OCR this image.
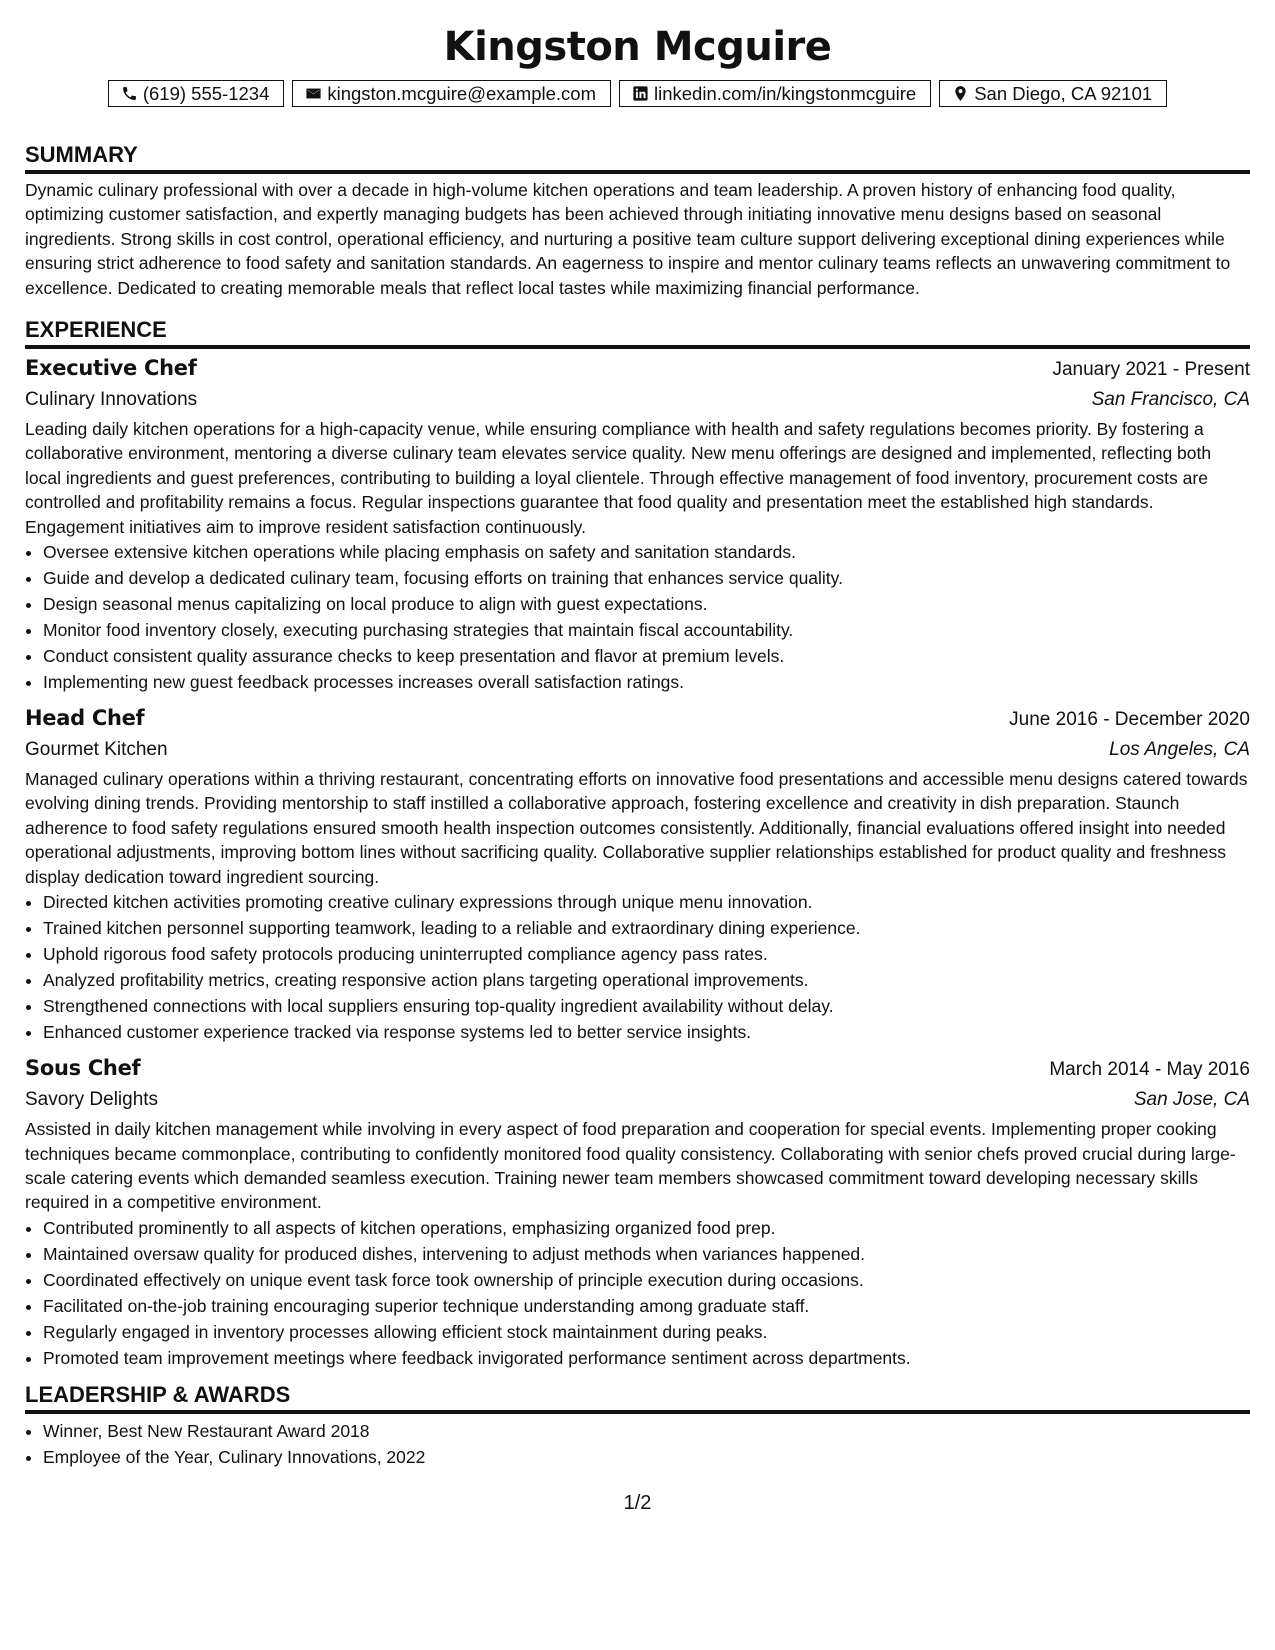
Kingston Mcguire
(619) 555-1234	kingston.mcguire@example.com	linkedin.com/in/kingstonmcguire	San Diego, CA 92101
SUMMARY

Dynamic culinary professional with over a decade in high-volume kitchen operations and team leadership. A proven history of enhancing food quality, optimizing customer satisfaction, and expertly managing budgets has been achieved through initiating innovative menu designs based on seasonal ingredients. Strong skills in cost control, operational efficiency, and nurturing a positive team culture support delivering exceptional dining experiences while ensuring strict adherence to food safety and sanitation standards. An eagerness to inspire and mentor culinary teams reflects an unwavering commitment to excellence. Dedicated to creating memorable meals that reflect local tastes while maximizing financial performance.

EXPERIENCE
Executive Chef	January 2021 - Present
Culinary Innovations	San Francisco, CA

Leading daily kitchen operations for a high-capacity venue, while ensuring compliance with health and safety regulations becomes priority. By fostering a collaborative environment, mentoring a diverse culinary team elevates service quality. New menu offerings are designed and implemented, reflecting both local ingredients and guest preferences, contributing to building a loyal clientele. Through effective management of food inventory, procurement costs are controlled and profitability remains a focus. Regular inspections guarantee that food quality and presentation meet the established high standards. Engagement initiatives aim to improve resident satisfaction continuously.

• Oversee extensive kitchen operations while placing emphasis on safety and sanitation standards.
• Guide and develop a dedicated culinary team, focusing efforts on training that enhances service quality.
• Design seasonal menus capitalizing on local produce to align with guest expectations.
• Monitor food inventory closely, executing purchasing strategies that maintain fiscal accountability.
• Conduct consistent quality assurance checks to keep presentation and flavor at premium levels.
• Implementing new guest feedback processes increases overall satisfaction ratings.
Head Chef	June 2016 - December 2020
Gourmet Kitchen	Los Angeles, CA

Managed culinary operations within a thriving restaurant, concentrating efforts on innovative food presentations and accessible menu designs catered towards evolving dining trends. Providing mentorship to staff instilled a collaborative approach, fostering excellence and creativity in dish preparation. Staunch adherence to food safety regulations ensured smooth health inspection outcomes consistently. Additionally, financial evaluations offered insight into needed operational adjustments, improving bottom lines without sacrificing quality. Collaborative supplier relationships established for product quality and freshness display dedication toward ingredient sourcing.

• Directed kitchen activities promoting creative culinary expressions through unique menu innovation.
• Trained kitchen personnel supporting teamwork, leading to a reliable and extraordinary dining experience.
• Uphold rigorous food safety protocols producing uninterrupted compliance agency pass rates.
• Analyzed profitability metrics, creating responsive action plans targeting operational improvements.
• Strengthened connections with local suppliers ensuring top-quality ingredient availability without delay.
• Enhanced customer experience tracked via response systems led to better service insights.
Sous Chef	March 2014 - May 2016
Savory Delights	San Jose, CA

Assisted in daily kitchen management while involving in every aspect of food preparation and cooperation for special events. Implementing proper cooking techniques became commonplace, contributing to confidently monitored food quality consistency. Collaborating with senior chefs proved crucial during large-scale catering events which demanded seamless execution. Training newer team members showcased commitment toward developing necessary skills required in a competitive environment.

• Contributed prominently to all aspects of kitchen operations, emphasizing organized food prep.
• Maintained oversaw quality for produced dishes, intervening to adjust methods when variances happened.
• Coordinated effectively on unique event task force took ownership of principle execution during occasions.
• Facilitated on-the-job training encouraging superior technique understanding among graduate staff.
• Regularly engaged in inventory processes allowing efficient stock maintainment during peaks.
• Promoted team improvement meetings where feedback invigorated performance sentiment across departments.
LEADERSHIP & AWARDS
• Winner, Best New Restaurant Award 2018
• Employee of the Year, Culinary Innovations, 2022
1/2
